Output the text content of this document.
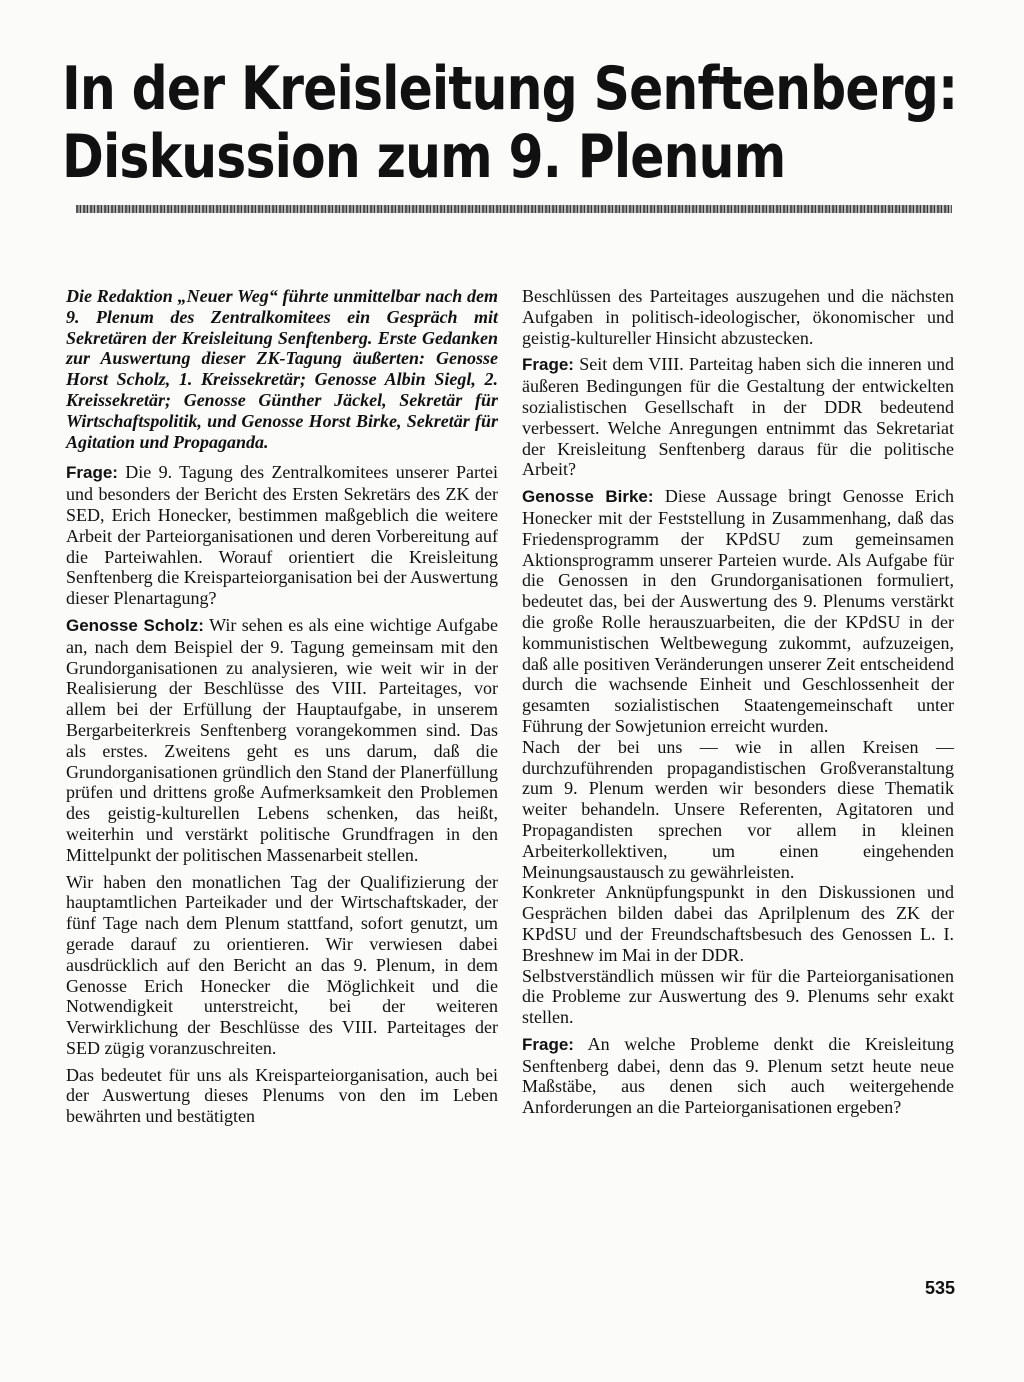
In der Kreisleitung Senftenberg:
Diskussion zum 9. Plenum

Die Redaktion „Neuer Weg“ führte unmittelbar nach dem 9. Plenum des Zentralkomitees ein Gespräch mit Sekretären der Kreisleitung Senftenberg. Erste Gedanken zur Auswertung dieser ZK-Tagung äußerten: Genosse Horst Scholz, 1. Kreissekretär; Genosse Albin Siegl, 2. Kreissekretär; Genosse Günther Jäckel, Sekretär für Wirtschaftspolitik, und Genosse Horst Birke, Sekretär für Agitation und Propaganda.

Frage: Die 9. Tagung des Zentralkomitees unserer Partei und besonders der Bericht des Ersten Sekretärs des ZK der SED, Erich Honecker, bestimmen maßgeblich die weitere Arbeit der Parteiorganisationen und deren Vorbereitung auf die Parteiwahlen. Worauf orientiert die Kreisleitung Senftenberg die Kreisparteiorganisation bei der Auswertung dieser Plenartagung?

Genosse Scholz: Wir sehen es als eine wichtige Aufgabe an, nach dem Beispiel der 9. Tagung gemeinsam mit den Grundorganisationen zu analysieren, wie weit wir in der Realisierung der Beschlüsse des VIII. Parteitages, vor allem bei der Erfüllung der Hauptaufgabe, in unserem Bergarbeiterkreis Senftenberg vorangekommen sind. Das als erstes. Zweitens geht es uns darum, daß die Grundorganisationen gründlich den Stand der Planerfüllung prüfen und drittens große Aufmerksamkeit den Problemen des geistig-kulturellen Lebens schenken, das heißt, weiterhin und verstärkt politische Grundfragen in den Mittelpunkt der politischen Massenarbeit stellen.

Wir haben den monatlichen Tag der Qualifizierung der hauptamtlichen Parteikader und der Wirtschaftskader, der fünf Tage nach dem Plenum stattfand, sofort genutzt, um gerade darauf zu orientieren. Wir verwiesen dabei ausdrücklich auf den Bericht an das 9. Plenum, in dem Genosse Erich Honecker die Möglichkeit und die Notwendigkeit unterstreicht, bei der weiteren Verwirklichung der Beschlüsse des VIII. Parteitages der SED zügig voranzuschreiten.

Das bedeutet für uns als Kreisparteiorganisation, auch bei der Auswertung dieses Plenums von den im Leben bewährten und bestätigten

Beschlüssen des Parteitages auszugehen und die nächsten Aufgaben in politisch-ideologischer, ökonomischer und geistig-kultureller Hinsicht abzustecken.

Frage: Seit dem VIII. Parteitag haben sich die inneren und äußeren Bedingungen für die Gestaltung der entwickelten sozialistischen Gesellschaft in der DDR bedeutend verbessert. Welche Anregungen entnimmt das Sekretariat der Kreisleitung Senftenberg daraus für die politische Arbeit?

Genosse Birke: Diese Aussage bringt Genosse Erich Honecker mit der Feststellung in Zusammenhang, daß das Friedensprogramm der KPdSU zum gemeinsamen Aktionsprogramm unserer Parteien wurde. Als Aufgabe für die Genossen in den Grundorganisationen formuliert, bedeutet das, bei der Auswertung des 9. Plenums verstärkt die große Rolle herauszuarbeiten, die der KPdSU in der kommunistischen Weltbewegung zukommt, aufzuzeigen, daß alle positiven Veränderungen unserer Zeit entscheidend durch die wachsende Einheit und Geschlossenheit der gesamten sozialistischen Staatengemeinschaft unter Führung der Sowjetunion erreicht wurden.

Nach der bei uns — wie in allen Kreisen — durchzuführenden propagandistischen Großveranstaltung zum 9. Plenum werden wir besonders diese Thematik weiter behandeln. Unsere Referenten, Agitatoren und Propagandisten sprechen vor allem in kleinen Arbeiterkollektiven, um einen eingehenden Meinungsaustausch zu gewährleisten.

Konkreter Anknüpfungspunkt in den Diskussionen und Gesprächen bilden dabei das Aprilplenum des ZK der KPdSU und der Freundschaftsbesuch des Genossen L. I. Breshnew im Mai in der DDR.

Selbstverständlich müssen wir für die Parteiorganisationen die Probleme zur Auswertung des 9. Plenums sehr exakt stellen.

Frage: An welche Probleme denkt die Kreisleitung Senftenberg dabei, denn das 9. Plenum setzt heute neue Maßstäbe, aus denen sich auch weitergehende Anforderungen an die Parteiorganisationen ergeben?

535
